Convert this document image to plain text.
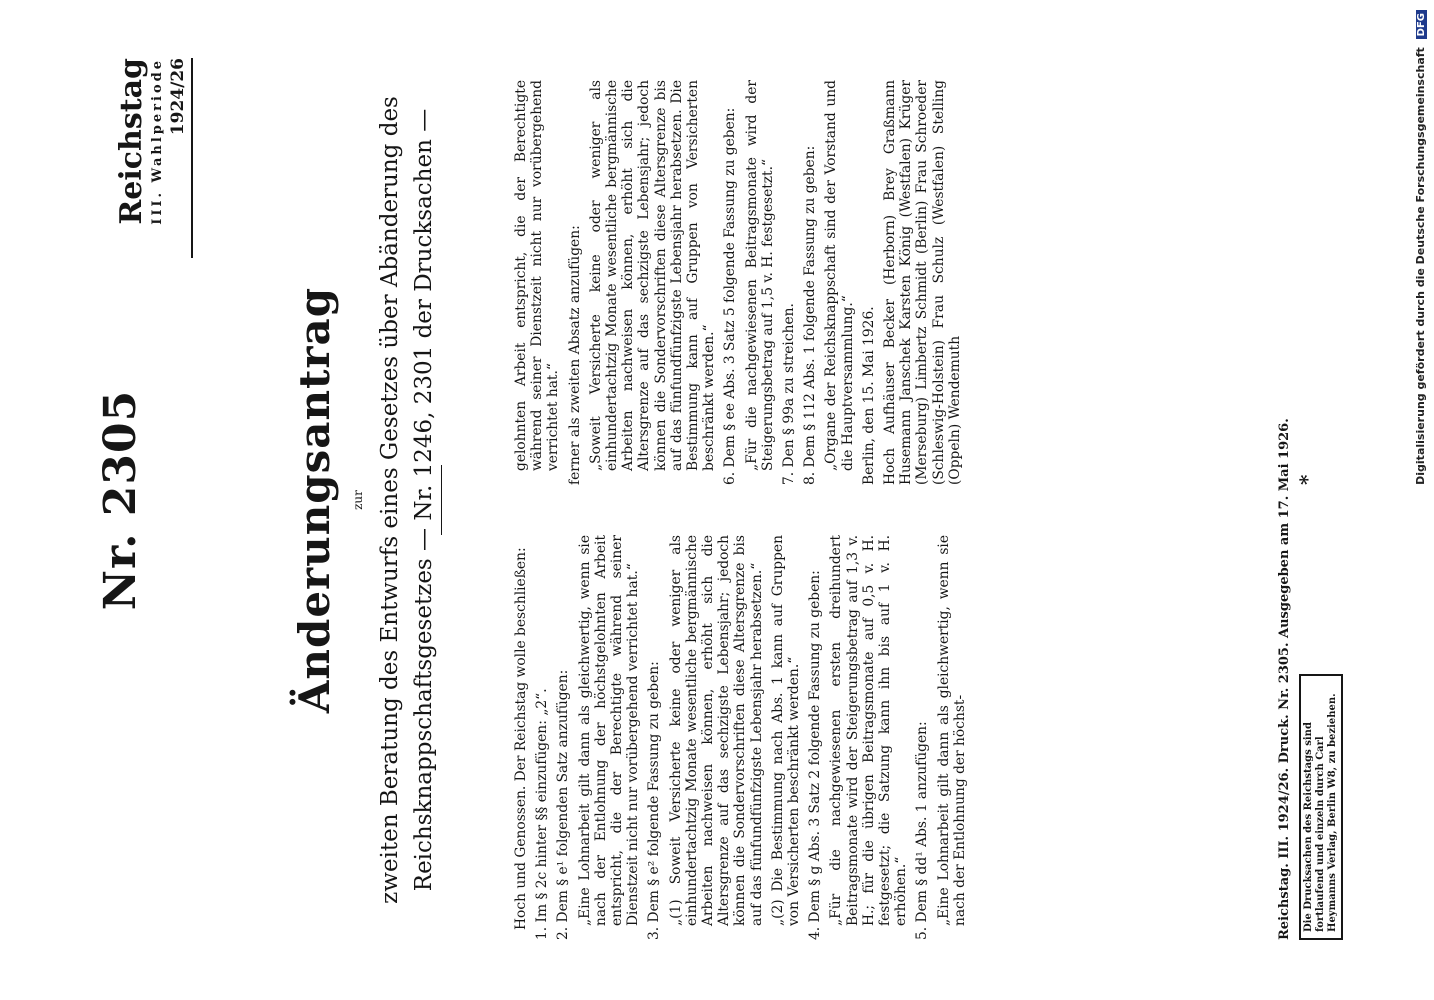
Nr. 2305
Reichstag III. Wahlperiode 1924/26
Änderungsantrag zur zweiten Beratung des Entwurfs eines Gesetzes über Abänderung des Reichsknappschaftsgesetzes — Nr. 1246, 2301 der Drucksachen —	Hoch und Genossen. Der Reichstag wolle beschließen: 1. Im § 2c hinter §§ einzufügen: „2“. 2. Dem § e¹ folgenden Satz anzufügen: „Eine Lohnarbeit gilt dann als gleichwertig, wenn sie nach der Entlohnung der höchstgelohnten Arbeit entspricht, die der Berechtigte während seiner Dienstzeit nicht nur vorübergehend verrichtet hat.“ 3. Dem § e² folgende Fassung zu geben: „(1) Soweit Versicherte keine oder weniger als einhundertachtzig Monate wesentliche bergmännische Arbeiten nachweisen können, erhöht sich die Altersgrenze auf das sechzigste Lebensjahr; jedoch können die Sondervorschriften diese Altersgrenze bis auf das fünfundfünfzigste Lebensjahr herabsetzen.“ „(2) Die Bestimmung nach Abs. 1 kann auf Gruppen von Versicherten beschränkt werden.“ 4. Dem § g Abs. 3 Satz 2 folgende Fassung zu geben: „Für die nachgewiesenen ersten dreihundert Beitragsmonate wird der Steigerungsbetrag auf 1,3 v. H.; für die übrigen Beitragsmonate auf 0,5 v. H. festgesetzt; die Satzung kann ihn bis auf 1 v. H. erhöhen.“ 5. Dem § dd¹ Abs. 1 anzufügen: „Eine Lohnarbeit gilt dann als gleichwertig, wenn sie nach der Entlohnung der höchst-

gelohnten Arbeit entspricht, die der Berechtigte während seiner Dienstzeit nicht nur vorübergehend verrichtet hat.“ ferner als zweiten Absatz anzufügen: „Soweit Versicherte keine oder weniger als einhundertachtzig Monate wesentliche bergmännische Arbeiten nachweisen können, erhöht sich die Altersgrenze auf das sechzigste Lebensjahr; jedoch können die Sondervorschriften diese Altersgrenze bis auf das fünfundfünfzigste Lebensjahr herabsetzen. Die Bestimmung kann auf Gruppen von Versicherten beschränkt werden.“ 6. Dem § ee Abs. 3 Satz 5 folgende Fassung zu geben: „Für die nachgewiesenen Beitragsmonate wird der Steigerungsbetrag auf 1,5 v. H. festgesetzt.“ 7. Den § 99a zu streichen. 8. Dem § 112 Abs. 1 folgende Fassung zu geben: „Organe der Reichsknappschaft sind der Vorstand und die Hauptversammlung.“ Berlin, den 15. Mai 1926. Hoch Aufhäuser Becker (Herborn) Brey Graßmann Husemann Janschek Karsten König (Westfalen) Krüger (Merseburg) Limbertz Schmidt (Berlin) Frau Schroeder (Schleswig-Holstein) Frau Schulz (Westfalen) Stelling (Oppeln) Wendemuth

Reichstag. III. 1924/26. Druck. Nr. 2305. Ausgegeben am 17. Mai 1926.	Die Drucksachen des Reichstags sind fortlaufend und einzeln durch Carl Heymanns Verlag, Berlin W8, zu beziehen.
*	Digitalisierung gefördert durch die Deutsche Forschungsgemeinschaft DFG
